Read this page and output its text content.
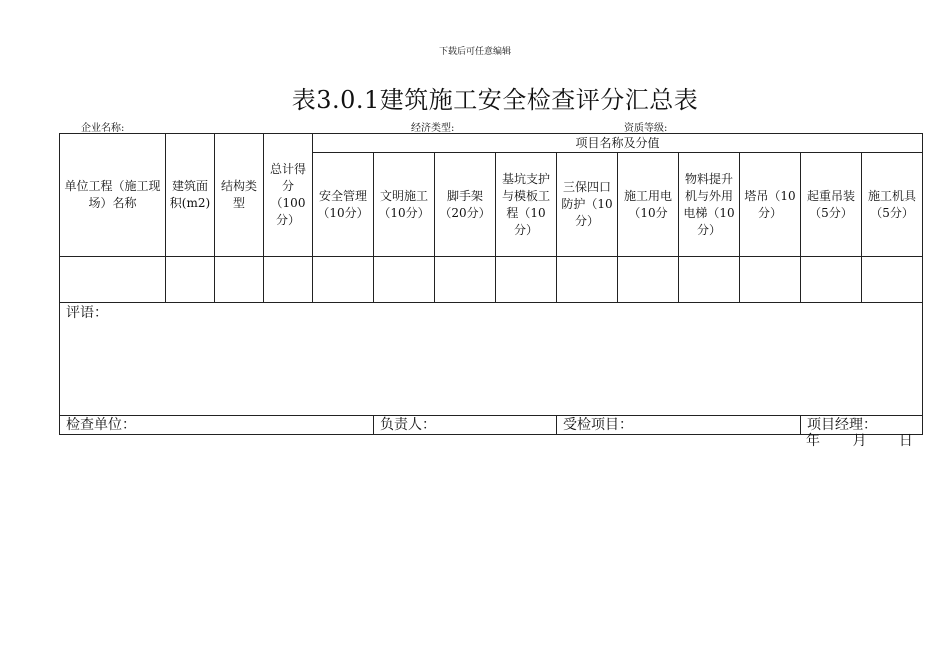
下载后可任意编辑
表3.0.1建筑施工安全检查评分汇总表
企业名称:	经济类型:	资质等级:
单位工程（施工现场）名称	建筑面积(m2)	结构类型	总计得分（100分）	项目名称及分值									
				安全管理（10分）	文明施工（10分）	脚手架（20分）	基坑支护与模板工程（10分）	三保四口防护（10分）	施工用电（10分	物料提升机与外用电梯（10分）	塔吊（10分）	起重吊装（5分）	施工机具（5分）

评语：													
检查单位：					负责人：			受检项目：				项目经理：	
年 月 日
